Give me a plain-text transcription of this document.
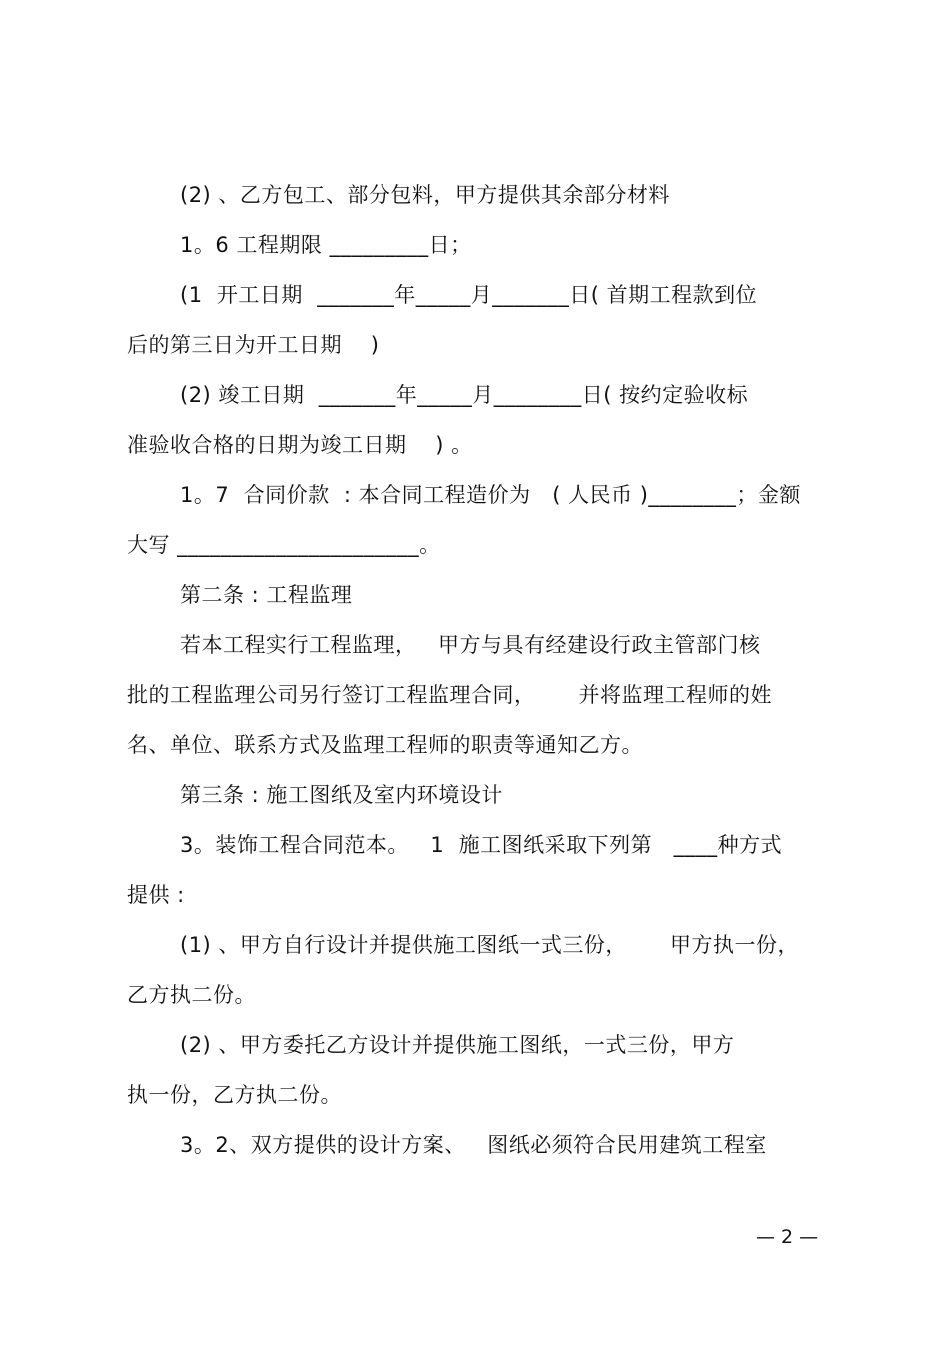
(2) 、乙方包工、部分包料，甲方提供其余部分材料
1。6 工程期限 _________日；
(1  开工日期  _______年_____月_______日( 首期工程款到位
后的第三日为开工日期    )
(2) 竣工日期  _______年_____月________日( 按约定验收标
准验收合格的日期为竣工日期    ) 。
1。7  合同价款  : 本合同工程造价为   ( 人民币 )________；金额
大写 ______________________。
第二条 : 工程监理
若本工程实行工程监理，   甲方与具有经建设行政主管部门核
批的工程监理公司另行签订工程监理合同，      并将监理工程师的姓
名、单位、联系方式及监理工程师的职责等通知乙方。
第三条 : 施工图纸及室内环境设计
3。装饰工程合同范本。   1  施工图纸采取下列第   ____种方式
提供 :
(1) 、甲方自行设计并提供施工图纸一式三份，      甲方执一份，
乙方执二份。
(2) 、甲方委托乙方设计并提供施工图纸，一式三份，甲方
执一份，乙方执二份。
3。2、双方提供的设计方案、   图纸必须符合民用建筑工程室
— 2 —
